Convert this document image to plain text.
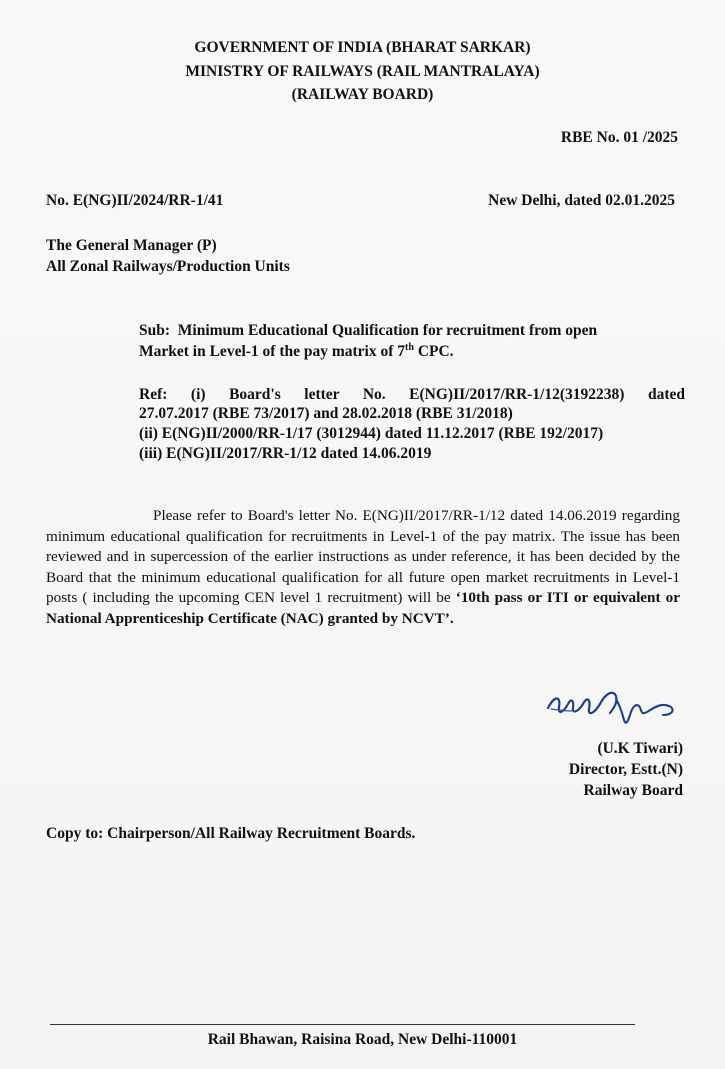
GOVERNMENT OF INDIA (BHARAT SARKAR)
MINISTRY OF RAILWAYS (RAIL MANTRALAYA)
(RAILWAY BOARD)
RBE No. 01 /2025
No. E(NG)II/2024/RR-1/41	New Delhi, dated 02.01.2025
The General Manager (P)
All Zonal Railways/Production Units
Sub: Minimum Educational Qualification for recruitment from open
Market in Level-1 of the pay matrix of 7th CPC.
Ref: (i) Board's letter No. E(NG)II/2017/RR-1/12(3192238) dated
27.07.2017 (RBE 73/2017) and 28.02.2018 (RBE 31/2018)
(ii) E(NG)II/2000/RR-1/17 (3012944) dated 11.12.2017 (RBE 192/2017)
(iii) E(NG)II/2017/RR-1/12 dated 14.06.2019
Please refer to Board's letter No. E(NG)II/2017/RR-1/12 dated 14.06.2019 regarding minimum educational qualification for recruitments in Level-1 of the pay matrix. The issue has been reviewed and in supercession of the earlier instructions as under reference, it has been decided by the Board that the minimum educational qualification for all future open market recruitments in Level-1 posts ( including the upcoming CEN level 1 recruitment) will be ‘10th pass or ITI or equivalent or National Apprenticeship Certificate (NAC) granted by NCVT’.
(U.K Tiwari)
Director, Estt.(N)
Railway Board
Copy to: Chairperson/All Railway Recruitment Boards.
Rail Bhawan, Raisina Road, New Delhi-110001
